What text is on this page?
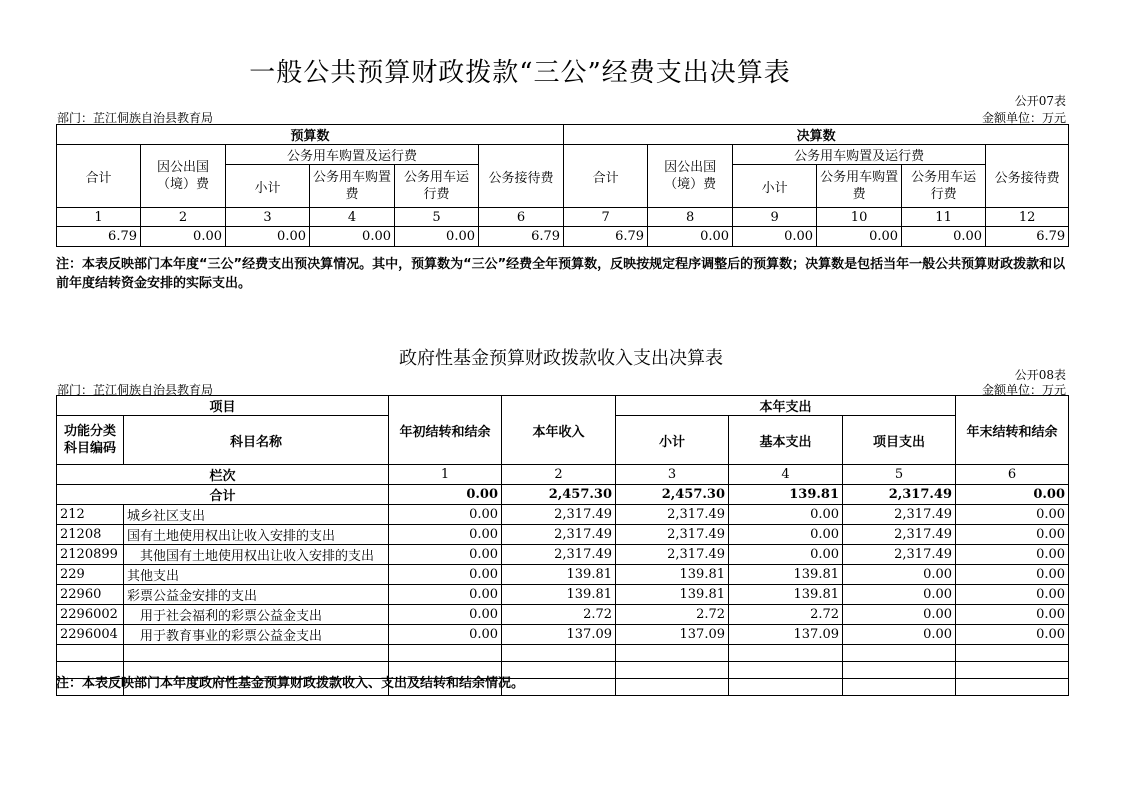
一般公共预算财政拨款“三公”经费支出决算表
公开07表
部门：芷江侗族自治县教育局	金额单位：万元
预算数						决算数					
合计	因公出国（境）费	公务用车购置及运行费			公务接待费	合计	因公出国（境）费	公务用车购置及运行费			公务接待费
		小计	公务用车购置费	公务用车运行费				小计	公务用车购置费	公务用车运行费	
1	2	3	4	5	6	7	8	9	10	11	12
6.79	0.00	0.00	0.00	0.00	6.79	6.79	0.00	0.00	0.00	0.00	6.79
注：本表反映部门本年度“三公”经费支出预决算情况。其中，预算数为“三公”经费全年预算数，反映按规定程序调整后的预算数；决算数是包括当年一般公共预算财政拨款和以前年度结转资金安排的实际支出。
政府性基金预算财政拨款收入支出决算表
公开08表
部门：芷江侗族自治县教育局	金额单位：万元
项目		年初结转和结余	本年收入	本年支出			年末结转和结余
功能分类科目编码	科目名称			小计	基本支出	项目支出	
栏次		1	2	3	4	5	6
合计		0.00	2,457.30	2,457.30	139.81	2,317.49	0.00
212	城乡社区支出	0.00	2,317.49	2,317.49	0.00	2,317.49	0.00
21208	国有土地使用权出让收入安排的支出	0.00	2,317.49	2,317.49	0.00	2,317.49	0.00
2120899	其他国有土地使用权出让收入安排的支出	0.00	2,317.49	2,317.49	0.00	2,317.49	0.00
229	其他支出	0.00	139.81	139.81	139.81	0.00	0.00
22960	彩票公益金安排的支出	0.00	139.81	139.81	139.81	0.00	0.00
2296002	用于社会福利的彩票公益金支出	0.00	2.72	2.72	2.72	0.00	0.00
2296004	用于教育事业的彩票公益金支出	0.00	137.09	137.09	137.09	0.00	0.00

注：本表反映部门本年度政府性基金预算财政拨款收入、支出及结转和结余情况。
